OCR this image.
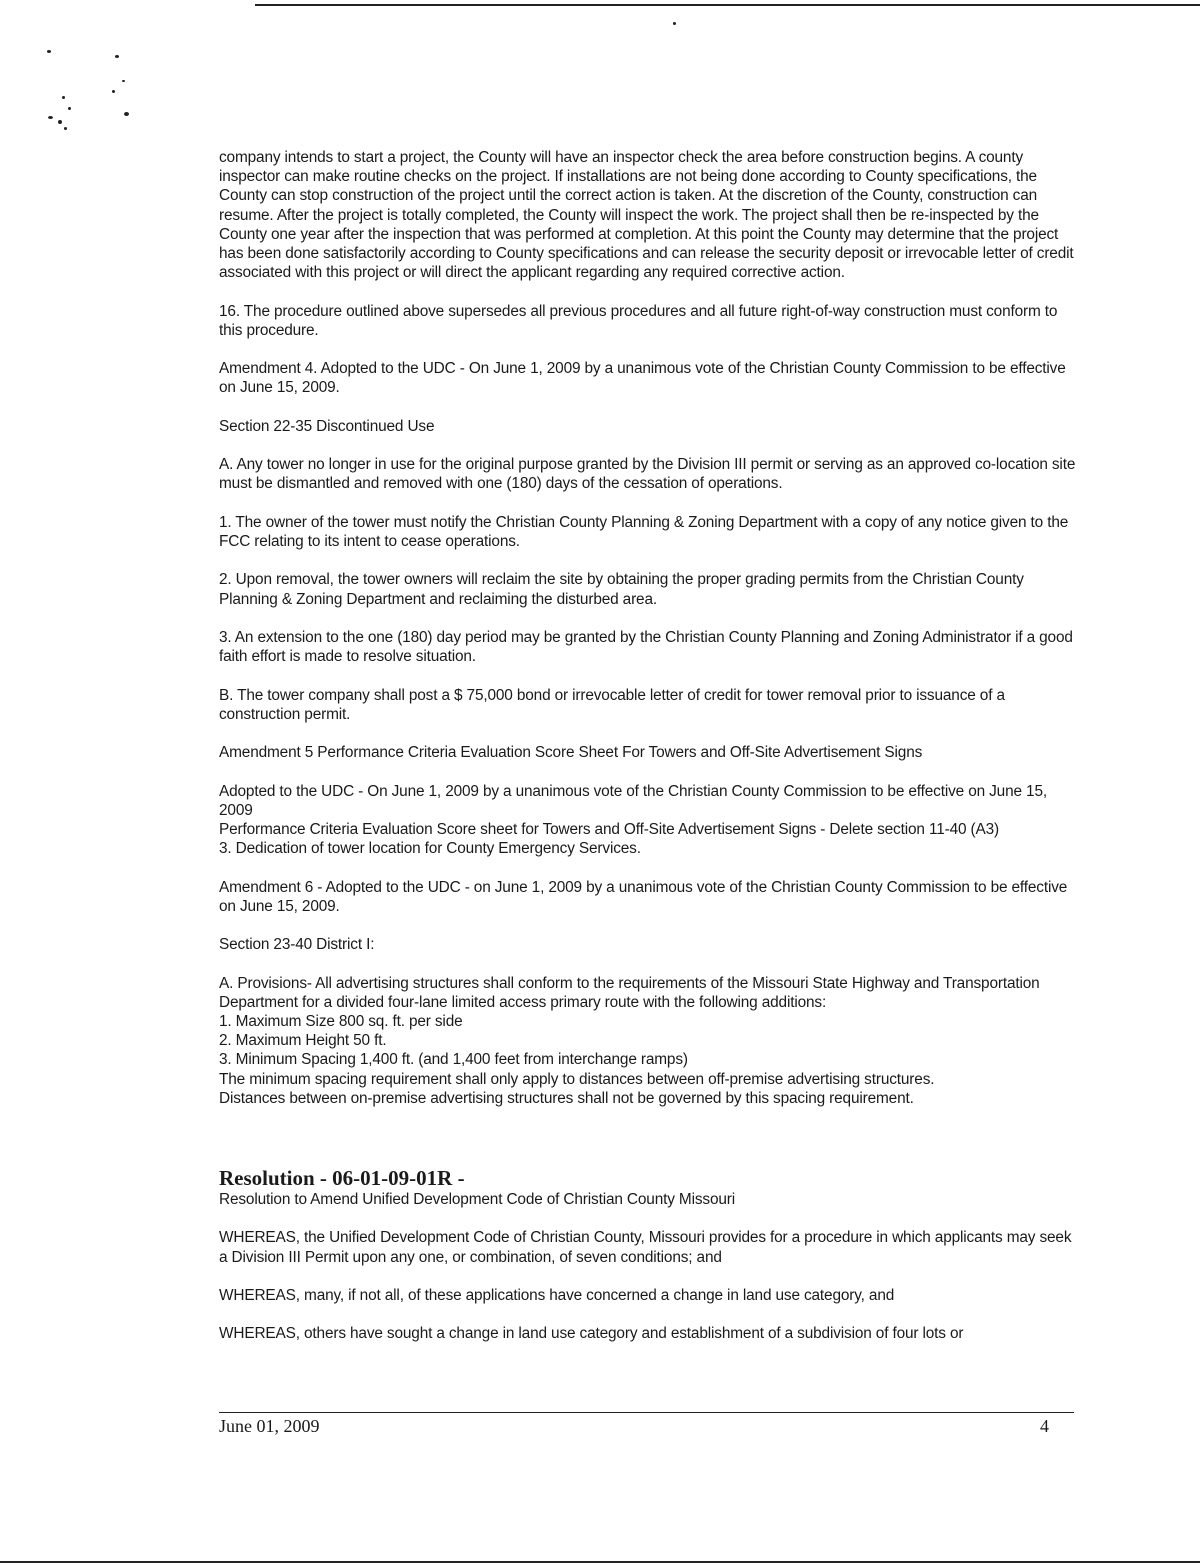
company intends to start a project, the County will have an inspector check the area before construction begins. A county inspector can make routine checks on the project. If installations are not being done according to County specifications, the County can stop construction of the project until the correct action is taken. At the discretion of the County, construction can resume. After the project is totally completed, the County will inspect the work. The project shall then be re-inspected by the County one year after the inspection that was performed at completion. At this point the County may determine that the project has been done satisfactorily according to County specifications and can release the security deposit or irrevocable letter of credit associated with this project or will direct the applicant regarding any required corrective action.

16. The procedure outlined above supersedes all previous procedures and all future right-of-way construction must conform to this procedure.

Amendment 4. Adopted to the UDC - On June 1, 2009 by a unanimous vote of the Christian County Commission to be effective on June 15, 2009.

Section 22-35 Discontinued Use

A. Any tower no longer in use for the original purpose granted by the Division III permit or serving as an approved co-location site must be dismantled and removed with one (180) days of the cessation of operations.

1. The owner of the tower must notify the Christian County Planning & Zoning Department with a copy of any notice given to the FCC relating to its intent to cease operations.

2. Upon removal, the tower owners will reclaim the site by obtaining the proper grading permits from the Christian County Planning & Zoning Department and reclaiming the disturbed area.

3. An extension to the one (180) day period may be granted by the Christian County Planning and Zoning Administrator if a good faith effort is made to resolve situation.

B. The tower company shall post a $ 75,000 bond or irrevocable letter of credit for tower removal prior to issuance of a construction permit.

Amendment 5 Performance Criteria Evaluation Score Sheet For Towers and Off-Site Advertisement Signs

Adopted to the UDC - On June 1, 2009 by a unanimous vote of the Christian County Commission to be effective on June 15, 2009
Performance Criteria Evaluation Score sheet for Towers and Off-Site Advertisement Signs - Delete section 11-40 (A3)
3. Dedication of tower location for County Emergency Services.

Amendment 6 - Adopted to the UDC - on June 1, 2009 by a unanimous vote of the Christian County Commission to be effective on June 15, 2009.

Section 23-40 District I:

A. Provisions- All advertising structures shall conform to the requirements of the Missouri State Highway and Transportation Department for a divided four-lane limited access primary route with the following additions:
1. Maximum Size 800 sq. ft. per side
2. Maximum Height 50 ft.
3. Minimum Spacing 1,400 ft. (and 1,400 feet from interchange ramps)
The minimum spacing requirement shall only apply to distances between off-premise advertising structures.
Distances between on-premise advertising structures shall not be governed by this spacing requirement.

Resolution - 06-01-09-01R -

Resolution to Amend Unified Development Code of Christian County Missouri

WHEREAS, the Unified Development Code of Christian County, Missouri provides for a procedure in which applicants may seek a Division III Permit upon any one, or combination, of seven conditions; and

WHEREAS, many, if not all, of these applications have concerned a change in land use category, and

WHEREAS, others have sought a change in land use category and establishment of a subdivision of four lots or

June 01, 2009	4
